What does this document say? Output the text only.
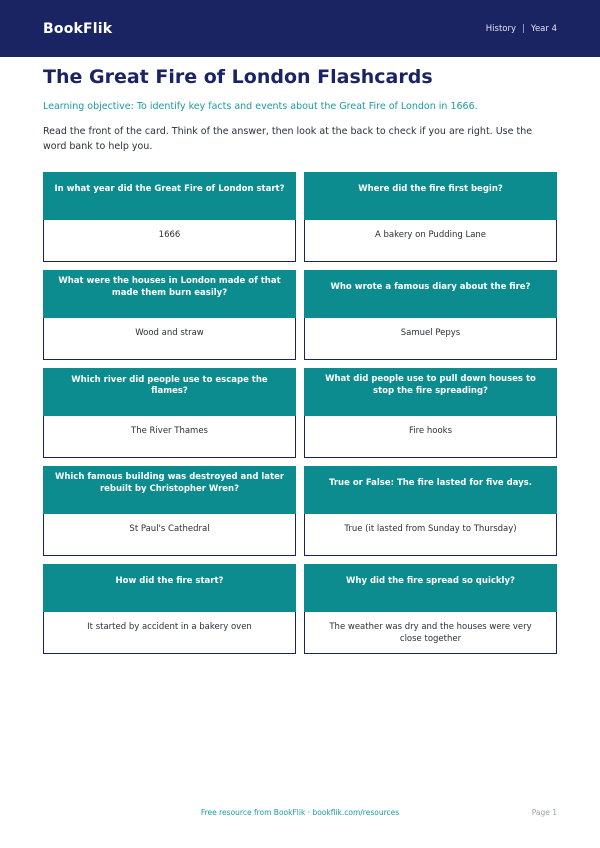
BookFlik	History | Year 4
The Great Fire of London Flashcards

Learning objective: To identify key facts and events about the Great Fire of London in 1666.

Read the front of the card. Think of the answer, then look at the back to check if you are right. Use the word bank to help you.

In what year did the Great Fire of London start?
1666
Where did the fire first begin?
A bakery on Pudding Lane
What were the houses in London made of that made them burn easily?
Wood and straw
Who wrote a famous diary about the fire?
Samuel Pepys
Which river did people use to escape the flames?
The River Thames
What did people use to pull down houses to stop the fire spreading?
Fire hooks
Which famous building was destroyed and later rebuilt by Christopher Wren?
St Paul's Cathedral
True or False: The fire lasted for five days.
True (it lasted from Sunday to Thursday)
How did the fire start?
It started by accident in a bakery oven
Why did the fire spread so quickly?
The weather was dry and the houses were very close together
Free resource from BookFlik · bookflik.com/resources	Page 1
